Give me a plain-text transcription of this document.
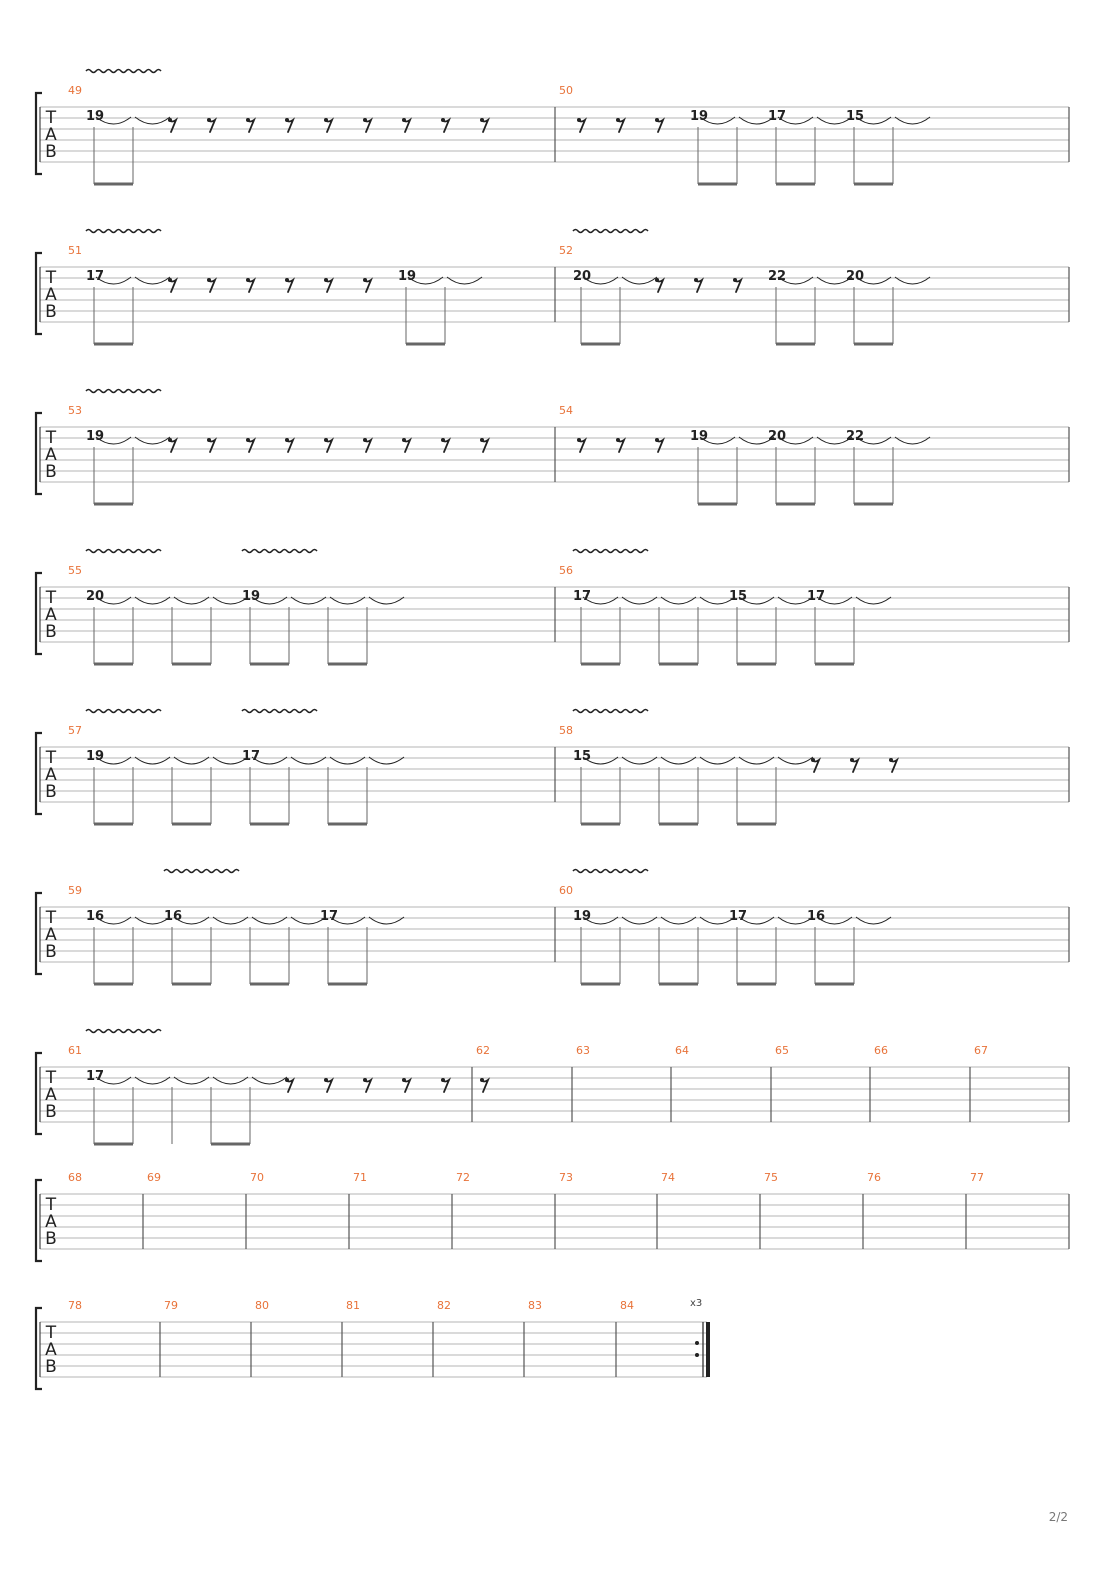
T
A
B
49
19
50
19	17	15
T
A
B
51
17	19
52
20	22	20
T
A
B
53
19
54
19	20	22
T
A
B
55
20	19
56
17	15	17
T
A
B
57
19	17
58
15
T
A
B
59
16	16	17
60
19	17	16
T
A
B
61
17
62	63	64	65	66	67
T
A
B
68	69	70	71	72	73	74	75	76	77
T
A
B
78	79	80	81	82	83	84	x3
2/2
